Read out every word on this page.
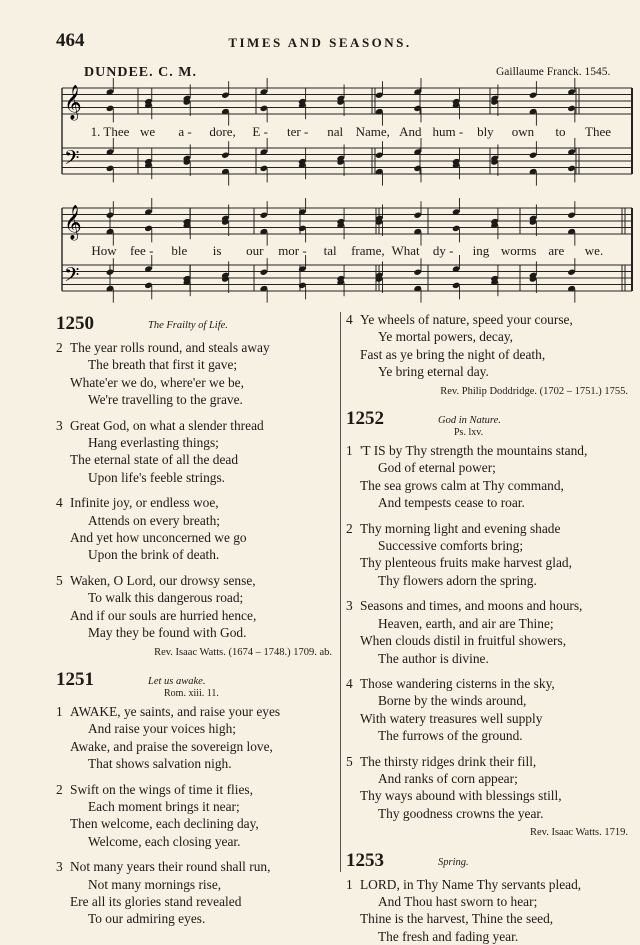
464	TIMES AND SEASONS.
DUNDEE. C. M.	Gaillaume Franck. 1545.
𝄞
𝄢
𝄞
𝄢
1. Thee we a - dore, E - ter - nal Name, And hum - bly own to Thee
How fee - ble is our mor - tal frame, What dy - ing worms are we.
1250	The Frailty of Life.
2 The year rolls round, and steals away
The breath that first it gave;
Whate'er we do, where'er we be,
We're travelling to the grave.
3 Great God, on what a slender thread
Hang everlasting things;
The eternal state of all the dead
Upon life's feeble strings.
4 Infinite joy, or endless woe,
Attends on every breath;
And yet how unconcerned we go
Upon the brink of death.
5 Waken, O Lord, our drowsy sense,
To walk this dangerous road;
And if our souls are hurried hence,
May they be found with God.
Rev. Isaac Watts. (1674 – 1748.) 1709. ab.
1251	Let us awake.
Rom. xiii. 11.
1 AWAKE, ye saints, and raise your eyes
And raise your voices high;
Awake, and praise the sovereign love,
That shows salvation nigh.
2 Swift on the wings of time it flies,
Each moment brings it near;
Then welcome, each declining day,
Welcome, each closing year.
3 Not many years their round shall run,
Not many mornings rise,
Ere all its glories stand revealed
To our admiring eyes.
4 Ye wheels of nature, speed your course,
Ye mortal powers, decay,
Fast as ye bring the night of death,
Ye bring eternal day.
Rev. Philip Doddridge. (1702 – 1751.) 1755.
1252	God in Nature.
Ps. lxv.
1 'T IS by Thy strength the mountains stand,
God of eternal power;
The sea grows calm at Thy command,
And tempests cease to roar.
2 Thy morning light and evening shade
Successive comforts bring;
Thy plenteous fruits make harvest glad,
Thy flowers adorn the spring.
3 Seasons and times, and moons and hours,
Heaven, earth, and air are Thine;
When clouds distil in fruitful showers,
The author is divine.
4 Those wandering cisterns in the sky,
Borne by the winds around,
With watery treasures well supply
The furrows of the ground.
5 The thirsty ridges drink their fill,
And ranks of corn appear;
Thy ways abound with blessings still,
Thy goodness crowns the year.
Rev. Isaac Watts. 1719.
1253	Spring.
1 LORD, in Thy Name Thy servants plead,
And Thou hast sworn to hear;
Thine is the harvest, Thine the seed,
The fresh and fading year.
